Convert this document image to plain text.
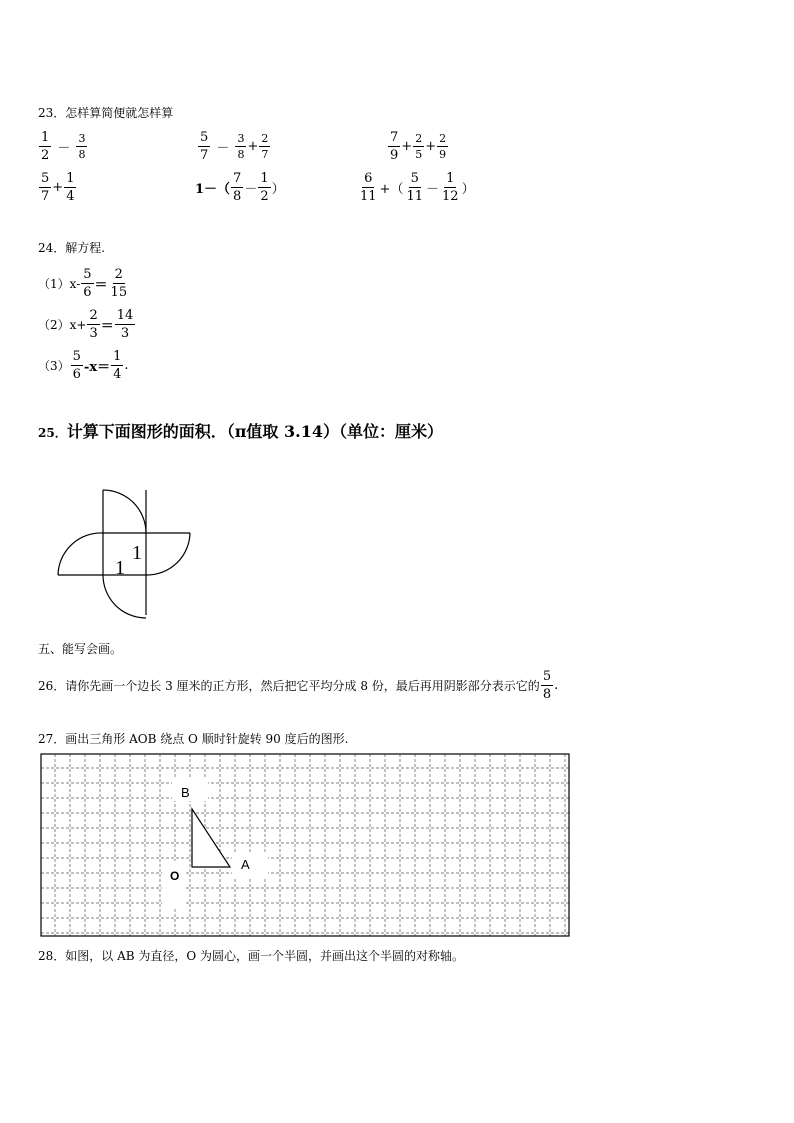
23．怎样算简便就怎样算
$\frac{1}{2} - \frac{3}{8}$	$\frac{5}{7} - \frac{3}{8} + \frac{2}{7}$	$\frac{7}{9} + \frac{2}{5} + \frac{2}{9}$
$\frac{5}{7} + \frac{1}{4}$	$1-( \frac{7}{8} - \frac{1}{2}$ ）	$\frac{6}{11}$ +（ $\frac{5}{11} - \frac{1}{12}$ ）
24．解方程.
$(1)x- \frac{5}{6} = \frac{2}{15}$
$(2)x+ \frac{2}{3} = \frac{14}{3}$
$(3) \frac{5}{6} -x= \frac{1}{4}$ .
25．计算下面图形的面积．（π值取 3.14）（单位：厘米）
1
1
五、能写会画。
26．请你先画一个边长 3 厘米的正方形，然后把它平均分成 8 份，最后再用阴影部分表示它的 $\frac{5}{8}$ .
27．画出三角形 AOB 绕点 O 顺时针旋转 90 度后的图形.
B
A
O
28．如图，以 AB 为直径，O 为圆心，画一个半圆，并画出这个半圆的对称轴。
